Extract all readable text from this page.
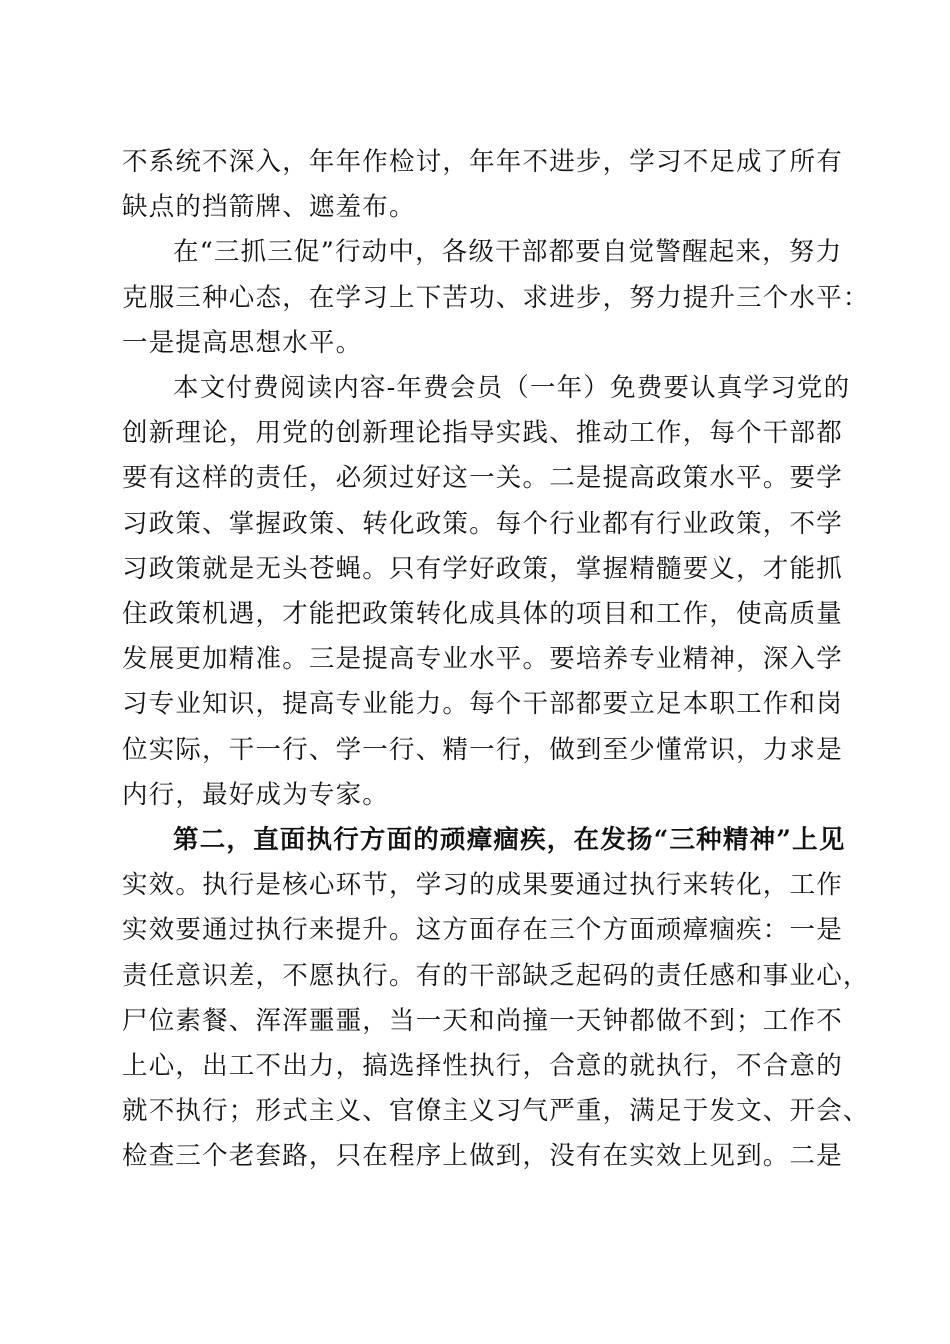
不系统不深入，年年作检讨，年年不进步，学习不足成了所有
缺点的挡箭牌、遮羞布。

在“三抓三促”行动中，各级干部都要自觉警醒起来，努力
克服三种心态，在学习上下苦功、求进步，努力提升三个水平：
一是提高思想水平。

本文付费阅读内容-年费会员（一年）免费要认真学习党的
创新理论，用党的创新理论指导实践、推动工作，每个干部都
要有这样的责任，必须过好这一关。二是提高政策水平。要学
习政策、掌握政策、转化政策。每个行业都有行业政策，不学
习政策就是无头苍蝇。只有学好政策，掌握精髓要义，才能抓
住政策机遇，才能把政策转化成具体的项目和工作，使高质量
发展更加精准。三是提高专业水平。要培养专业精神，深入学
习专业知识，提高专业能力。每个干部都要立足本职工作和岗
位实际，干一行、学一行、精一行，做到至少懂常识，力求是
内行，最好成为专家。

第二，直面执行方面的顽瘴痼疾，在发扬“三种精神”上见
实效。执行是核心环节，学习的成果要通过执行来转化，工作
实效要通过执行来提升。这方面存在三个方面顽瘴痼疾：一是
责任意识差，不愿执行。有的干部缺乏起码的责任感和事业心，
尸位素餐、浑浑噩噩，当一天和尚撞一天钟都做不到；工作不
上心，出工不出力，搞选择性执行，合意的就执行，不合意的
就不执行；形式主义、官僚主义习气严重，满足于发文、开会、
检查三个老套路，只在程序上做到，没有在实效上见到。二是
